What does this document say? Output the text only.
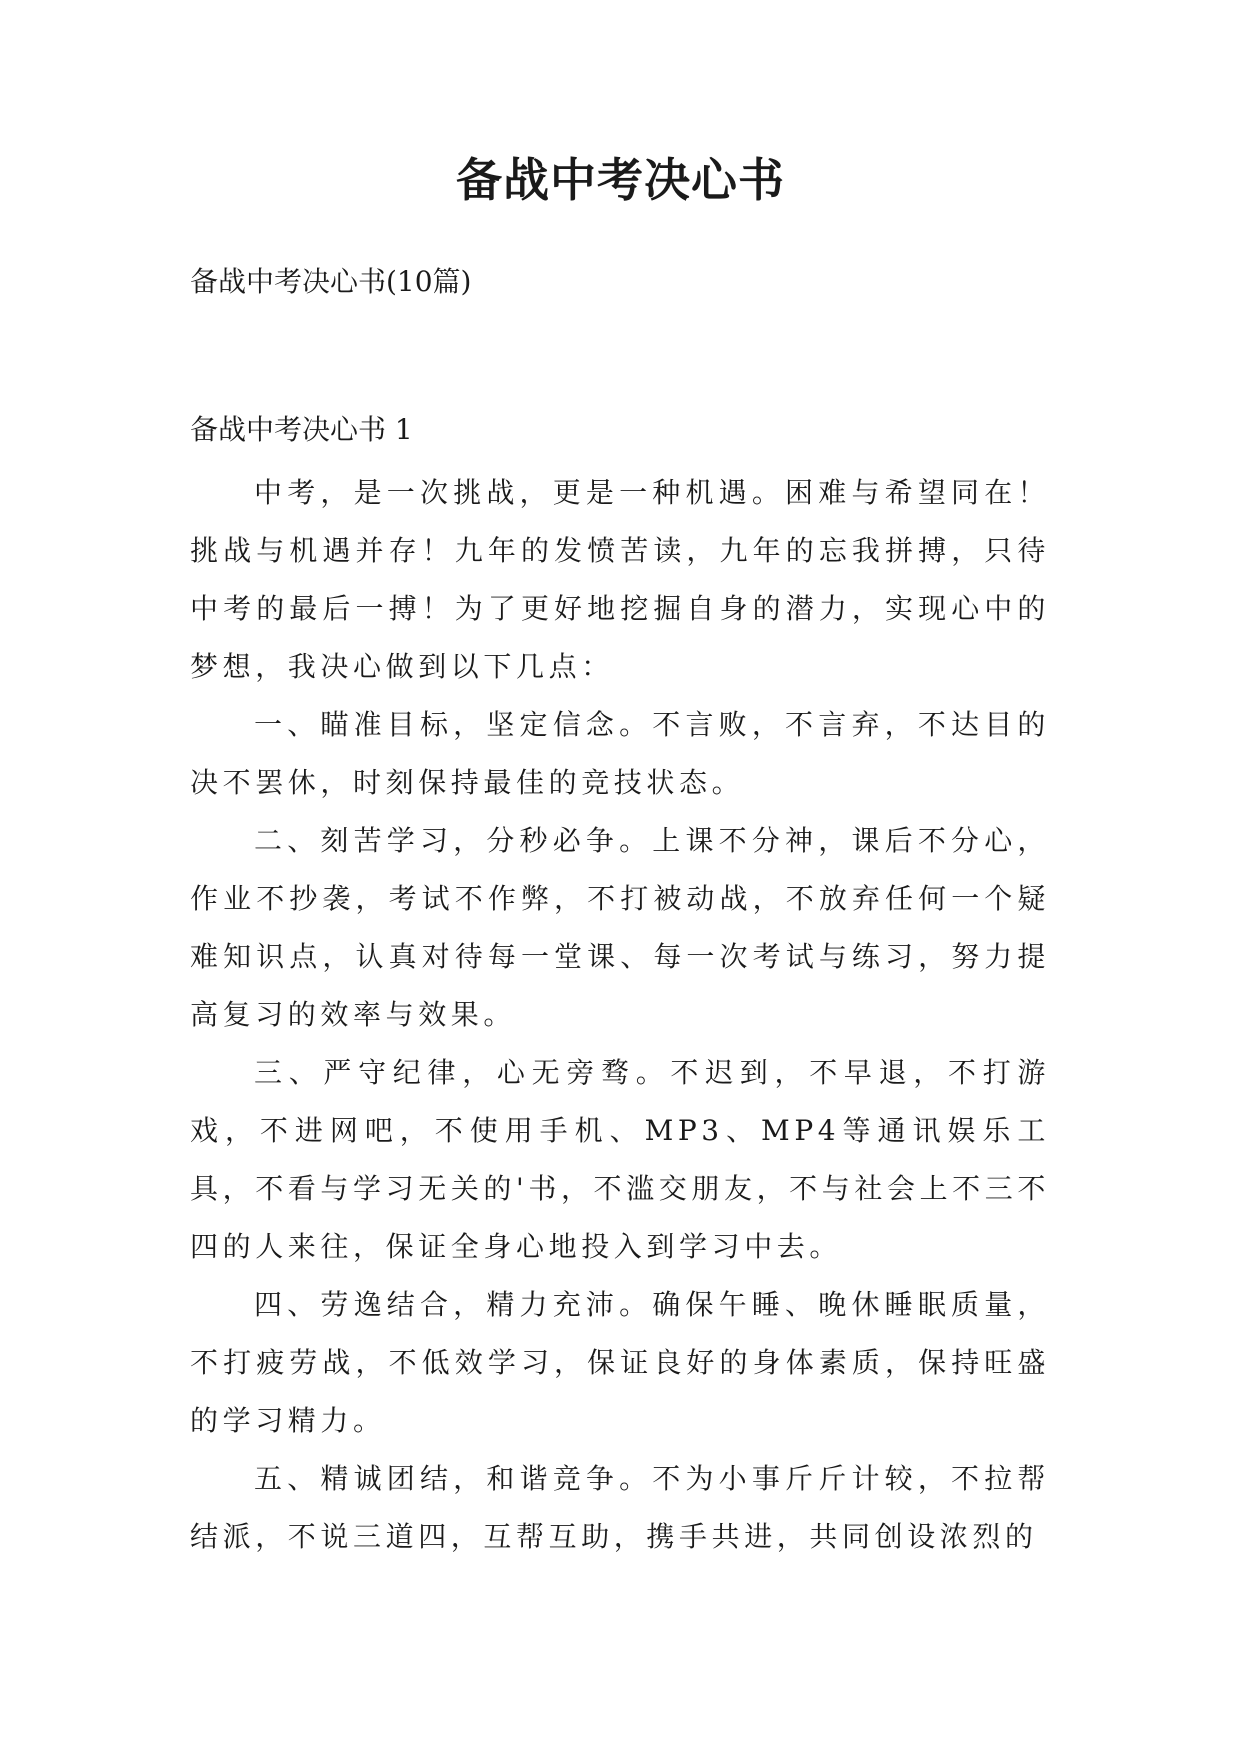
备战中考决心书
备战中考决心书(10篇)
备战中考决心书 1

中考，是一次挑战，更是一种机遇。困难与希望同在！挑战与机遇并存！九年的发愤苦读，九年的忘我拼搏，只待中考的最后一搏！为了更好地挖掘自身的潜力，实现心中的梦想，我决心做到以下几点：

一、瞄准目标，坚定信念。不言败，不言弃，不达目的决不罢休，时刻保持最佳的竞技状态。

二、刻苦学习，分秒必争。上课不分神，课后不分心，作业不抄袭，考试不作弊，不打被动战，不放弃任何一个疑难知识点，认真对待每一堂课、每一次考试与练习，努力提高复习的效率与效果。

三、严守纪律，心无旁骛。不迟到，不早退，不打游戏，不进网吧，不使用手机、MP3、MP4等通讯娱乐工具，不看与学习无关的'书，不滥交朋友，不与社会上不三不四的人来往，保证全身心地投入到学习中去。

四、劳逸结合，精力充沛。确保午睡、晚休睡眠质量，不打疲劳战，不低效学习，保证良好的身体素质，保持旺盛的学习精力。

五、精诚团结，和谐竞争。不为小事斤斤计较，不拉帮结派，不说三道四，互帮互助，携手共进，共同创设浓烈的
